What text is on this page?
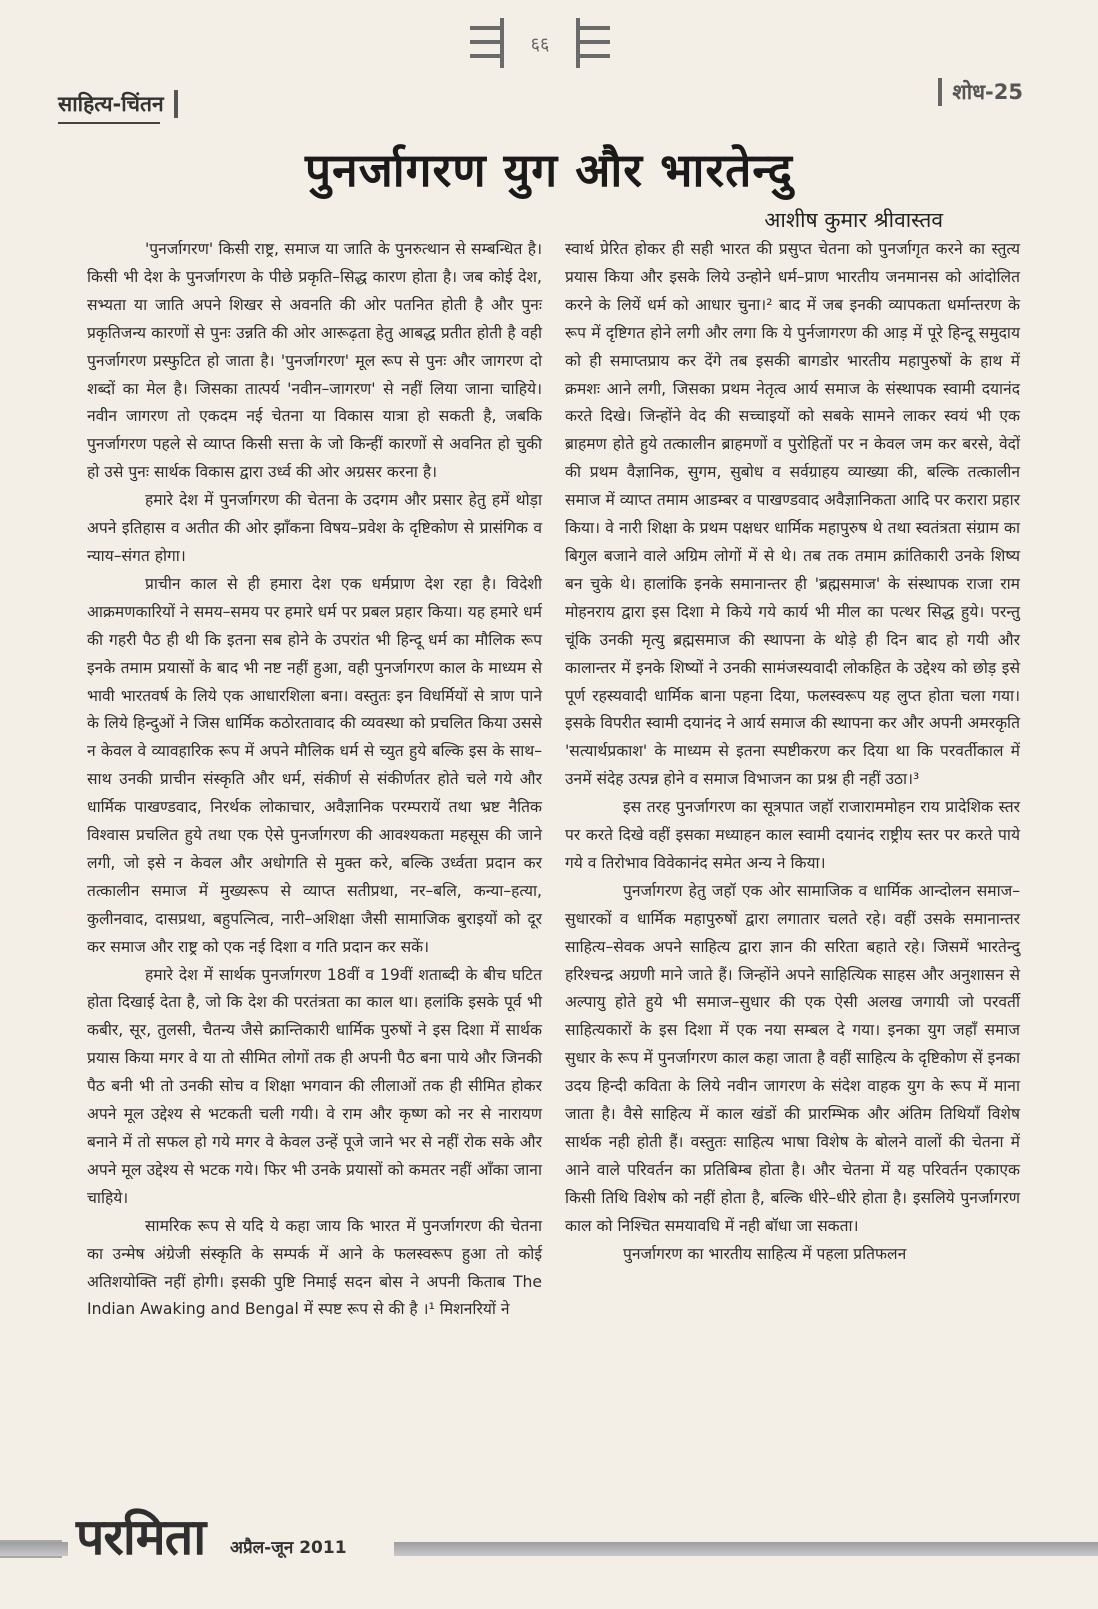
६६
साहित्य-चिंतन	शोध-25
पुनर्जागरण युग और भारतेन्दु
आशीष कुमार श्रीवास्तव

'पुनर्जागरण' किसी राष्ट्र, समाज या जाति के पुनरुत्थान से सम्बन्धित है। किसी भी देश के पुनर्जागरण के पीछे प्रकृति–सिद्ध कारण होता है। जब कोई देश, सभ्यता या जाति अपने शिखर से अवनति की ओर पतनित होती है और पुनः प्रकृतिजन्य कारणों से पुनः उन्नति की ओर आरूढ़ता हेतु आबद्ध प्रतीत होती है वही पुनर्जागरण प्रस्फुटित हो जाता है। 'पुनर्जागरण' मूल रूप से पुनः और जागरण दो शब्दों का मेल है। जिसका तात्पर्य 'नवीन–जागरण' से नहीं लिया जाना चाहिये। नवीन जागरण तो एकदम नई चेतना या विकास यात्रा हो सकती है, जबकि पुनर्जागरण पहले से व्याप्त किसी सत्ता के जो किन्हीं कारणों से अवनित हो चुकी हो उसे पुनः सार्थक विकास द्वारा उर्ध्व की ओर अग्रसर करना है।

हमारे देश में पुनर्जागरण की चेतना के उदगम और प्रसार हेतु हमें थोड़ा अपने इतिहास व अतीत की ओर झाँकना विषय–प्रवेश के दृष्टिकोण से प्रासंगिक व न्याय–संगत होगा।

प्राचीन काल से ही हमारा देश एक धर्मप्राण देश रहा है। विदेशी आक्रमणकारियों ने समय–समय पर हमारे धर्म पर प्रबल प्रहार किया। यह हमारे धर्म की गहरी पैठ ही थी कि इतना सब होने के उपरांत भी हिन्दू धर्म का मौलिक रूप इनके तमाम प्रयासों के बाद भी नष्ट नहीं हुआ, वही पुनर्जागरण काल के माध्यम से भावी भारतवर्ष के लिये एक आधारशिला बना। वस्तुतः इन विधर्मियों से त्राण पाने के लिये हिन्दुओं ने जिस धार्मिक कठोरतावाद की व्यवस्था को प्रचलित किया उससे न केवल वे व्यावहारिक रूप में अपने मौलिक धर्म से च्युत हुये बल्कि इस के साथ–साथ उनकी प्राचीन संस्कृति और धर्म, संकीर्ण से संकीर्णतर होते चले गये और धार्मिक पाखण्डवाद, निरर्थक लोकाचार, अवैज्ञानिक परम्परायें तथा भ्रष्ट नैतिक विश्वास प्रचलित हुये तथा एक ऐसे पुनर्जागरण की आवश्यकता महसूस की जाने लगी, जो इसे न केवल और अधोगति से मुक्त करे, बल्कि उर्ध्वता प्रदान कर तत्कालीन समाज में मुख्यरूप से व्याप्त सतीप्रथा, नर–बलि, कन्या–हत्या, कुलीनवाद, दासप्रथा, बहुपत्नित्व, नारी–अशिक्षा जैसी सामाजिक बुराइयों को दूर कर समाज और राष्ट्र को एक नई दिशा व गति प्रदान कर सकें।

हमारे देश में सार्थक पुनर्जागरण 18वीं व 19वीं शताब्दी के बीच घटित होता दिखाई देता है, जो कि देश की परतंत्रता का काल था। हलांकि इसके पूर्व भी कबीर, सूर, तुलसी, चैतन्य जैसे क्रान्तिकारी धार्मिक पुरुषों ने इस दिशा में सार्थक प्रयास किया मगर वे या तो सीमित लोगों तक ही अपनी पैठ बना पाये और जिनकी पैठ बनी भी तो उनकी सोच व शिक्षा भगवान की लीलाओं तक ही सीमित होकर अपने मूल उद्देश्य से भटकती चली गयी। वे राम और कृष्ण को नर से नारायण बनाने में तो सफल हो गये मगर वे केवल उन्हें पूजे जाने भर से नहीं रोक सके और अपने मूल उद्देश्य से भटक गये। फिर भी उनके प्रयासों को कमतर नहीं आँका जाना चाहिये।

सामरिक रूप से यदि ये कहा जाय कि भारत में पुनर्जागरण की चेतना का उन्मेष अंग्रेजी संस्कृति के सम्पर्क में आने के फलस्वरूप हुआ तो कोई अतिशयोक्ति नहीं होगी। इसकी पुष्टि निमाई सदन बोस ने अपनी किताब The Indian Awaking and Bengal में स्पष्ट रूप से की है ।¹ मिशनरियों ने

स्वार्थ प्रेरित होकर ही सही भारत की प्रसुप्त चेतना को पुनर्जागृत करने का स्तुत्य प्रयास किया और इसके लिये उन्होने धर्म–प्राण भारतीय जनमानस को आंदोलित करने के लियें धर्म को आधार चुना।² बाद में जब इनकी व्यापकता धर्मान्तरण के रूप में दृष्टिगत होने लगी और लगा कि ये पुर्नजागरण की आड़ में पूरे हिन्दू समुदाय को ही समाप्तप्राय कर देंगे तब इसकी बागडोर भारतीय महापुरुषों के हाथ में क्रमशः आने लगी, जिसका प्रथम नेतृत्व आर्य समाज के संस्थापक स्वामी दयानंद करते दिखे। जिन्होंने वेद की सच्चाइयों को सबके सामने लाकर स्वयं भी एक ब्राहमण होते हुये तत्कालीन ब्राहमणों व पुरोहितों पर न केवल जम कर बरसे, वेदों की प्रथम वैज्ञानिक, सुगम, सुबोध व सर्वग्राहय व्याख्या की, बल्कि तत्कालीन समाज में व्याप्त तमाम आडम्बर व पाखण्डवाद अवैज्ञानिकता आदि पर करारा प्रहार किया। वे नारी शिक्षा के प्रथम पक्षधर धार्मिक महापुरुष थे तथा स्वतंत्रता संग्राम का बिगुल बजाने वाले अग्रिम लोगों में से थे। तब तक तमाम क्रांतिकारी उनके शिष्य बन चुके थे। हालांकि इनके समानान्तर ही 'ब्रह्मसमाज' के संस्थापक राजा राम मोहनराय द्वारा इस दिशा मे किये गये कार्य भी मील का पत्थर सिद्ध हुये। परन्तु चूंकि उनकी मृत्यु ब्रह्मसमाज की स्थापना के थोड़े ही दिन बाद हो गयी और कालान्तर में इनके शिष्यों ने उनकी सामंजस्यवादी लोकहित के उद्देश्य को छोड़ इसे पूर्ण रहस्यवादी धार्मिक बाना पहना दिया, फलस्वरूप यह लुप्त होता चला गया। इसके विपरीत स्वामी दयानंद ने आर्य समाज की स्थापना कर और अपनी अमरकृति 'सत्यार्थप्रकाश' के माध्यम से इतना स्पष्टीकरण कर दिया था कि परवर्तीकाल में उनमें संदेह उत्पन्न होने व समाज विभाजन का प्रश्न ही नहीं उठा।³

इस तरह पुनर्जागरण का सूत्रपात जहॉ राजाराममोहन राय प्रादेशिक स्तर पर करते दिखे वहीं इसका मध्याहन काल स्वामी दयानंद राष्ट्रीय स्तर पर करते पाये गये व तिरोभाव विवेकानंद समेत अन्य ने किया।

पुनर्जागरण हेतु जहॉ एक ओर सामाजिक व धार्मिक आन्दोलन समाज–सुधारकों व धार्मिक महापुरुषों द्वारा लगातार चलते रहे। वहीं उसके समानान्तर साहित्य–सेवक अपने साहित्य द्वारा ज्ञान की सरिता बहाते रहे। जिसमें भारतेन्दु हरिश्चन्द्र अग्रणी माने जाते हैं। जिन्होंने अपने साहित्यिक साहस और अनुशासन से अल्पायु होते हुये भी समाज–सुधार की एक ऐसी अलख जगायी जो परवर्ती साहित्यकारों के इस दिशा में एक नया सम्बल दे गया। इनका युग जहॉं समाज सुधार के रूप में पुनर्जागरण काल कहा जाता है वहीं साहित्य के दृष्टिकोण सें इनका उदय हिन्दी कविता के लिये नवीन जागरण के संदेश वाहक युग के रूप में माना जाता है। वैसे साहित्य में काल खंडों की प्रारम्भिक और अंतिम तिथियाँ विशेष सार्थक नही होती हैं। वस्तुतः साहित्य भाषा विशेष के बोलने वालों की चेतना में आने वाले परिवर्तन का प्रतिबिम्ब होता है। और चेतना में यह परिवर्तन एकाएक किसी तिथि विशेष को नहीं होता है, बल्कि धीरे–धीरे होता है। इसलिये पुनर्जागरण काल को निश्चित समयावधि में नही बॉधा जा सकता।

पुनर्जागरण का भारतीय साहित्य में पहला प्रतिफलन

परमिता अप्रैल-जून 2011
